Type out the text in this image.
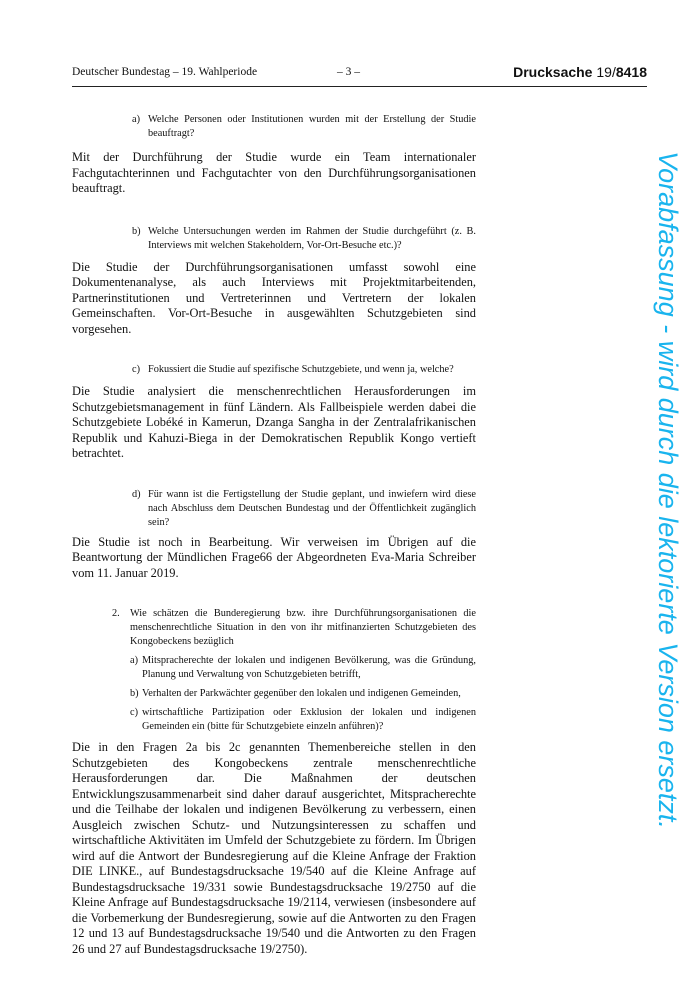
Deutscher Bundestag – 19. Wahlperiode	– 3 –	Drucksache 19/8418
a) Welche Personen oder Institutionen wurden mit der Erstellung der Studie beauftragt?

Mit der Durchführung der Studie wurde ein Team internationaler Fachgutachterinnen und Fachgutachter von den Durchführungsorganisationen beauftragt.

b) Welche Untersuchungen werden im Rahmen der Studie durchgeführt (z. B. Interviews mit welchen Stakeholdern, Vor-Ort-Besuche etc.)?

Die Studie der Durchführungsorganisationen umfasst sowohl eine Dokumentenanalyse, als auch Interviews mit Projektmitarbeitenden, Partnerinstitutionen und Vertreterinnen und Vertretern der lokalen Gemeinschaften. Vor-Ort-Besuche in ausgewählten Schutzgebieten sind vorgesehen.

c) Fokussiert die Studie auf spezifische Schutzgebiete, und wenn ja, welche?

Die Studie analysiert die menschenrechtlichen Herausforderungen im Schutzgebietsmanagement in fünf Ländern. Als Fallbeispiele werden dabei die Schutzgebiete Lobéké in Kamerun, Dzanga Sangha in der Zentralafrikanischen Republik und Kahuzi-Biega in der Demokratischen Republik Kongo vertieft betrachtet.

d) Für wann ist die Fertigstellung der Studie geplant, und inwiefern wird diese nach Abschluss dem Deutschen Bundestag und der Öffentlichkeit zugänglich sein?

Die Studie ist noch in Bearbeitung. Wir verweisen im Übrigen auf die Beantwortung der Mündlichen Frage66 der Abgeordneten Eva-Maria Schreiber vom 11. Januar 2019.

2. Wie schätzen die Bunderegierung bzw. ihre Durchführungsorganisationen die menschenrechtliche Situation in den von ihr mitfinanzierten Schutzgebieten des Kongobeckens bezüglich
a) Mitspracherechte der lokalen und indigenen Bevölkerung, was die Gründung, Planung und Verwaltung von Schutzgebieten betrifft,
b) Verhalten der Parkwächter gegenüber den lokalen und indigenen Gemeinden,
c) wirtschaftliche Partizipation oder Exklusion der lokalen und indigenen Gemeinden ein (bitte für Schutzgebiete einzeln anführen)?

Die in den Fragen 2a bis 2c genannten Themenbereiche stellen in den Schutzgebieten des Kongobeckens zentrale menschenrechtliche Herausforderungen dar. Die Maßnahmen der deutschen Entwicklungszusammenarbeit sind daher darauf ausgerichtet, Mitspracherechte und die Teilhabe der lokalen und indigenen Bevölkerung zu verbessern, einen Ausgleich zwischen Schutz- und Nutzungsinteressen zu schaffen und wirtschaftliche Aktivitäten im Umfeld der Schutzgebiete zu fördern. Im Übrigen wird auf die Antwort der Bundesregierung auf die Kleine Anfrage der Fraktion DIE LINKE., auf Bundestagsdrucksache 19/540 auf die Kleine Anfrage auf Bundestagsdrucksache 19/331 sowie Bundestagsdrucksache 19/2750 auf die Kleine Anfrage auf Bundestagsdrucksache 19/2114, verwiesen (insbesondere auf die Vorbemerkung der Bundesregierung, sowie auf die Antworten zu den Fragen 12 und 13 auf Bundestagsdrucksache 19/540 und die Antworten zu den Fragen 26 und 27 auf Bundestagsdrucksache 19/2750).

Vorabfassung - wird durch die lektorierte Version ersetzt.
